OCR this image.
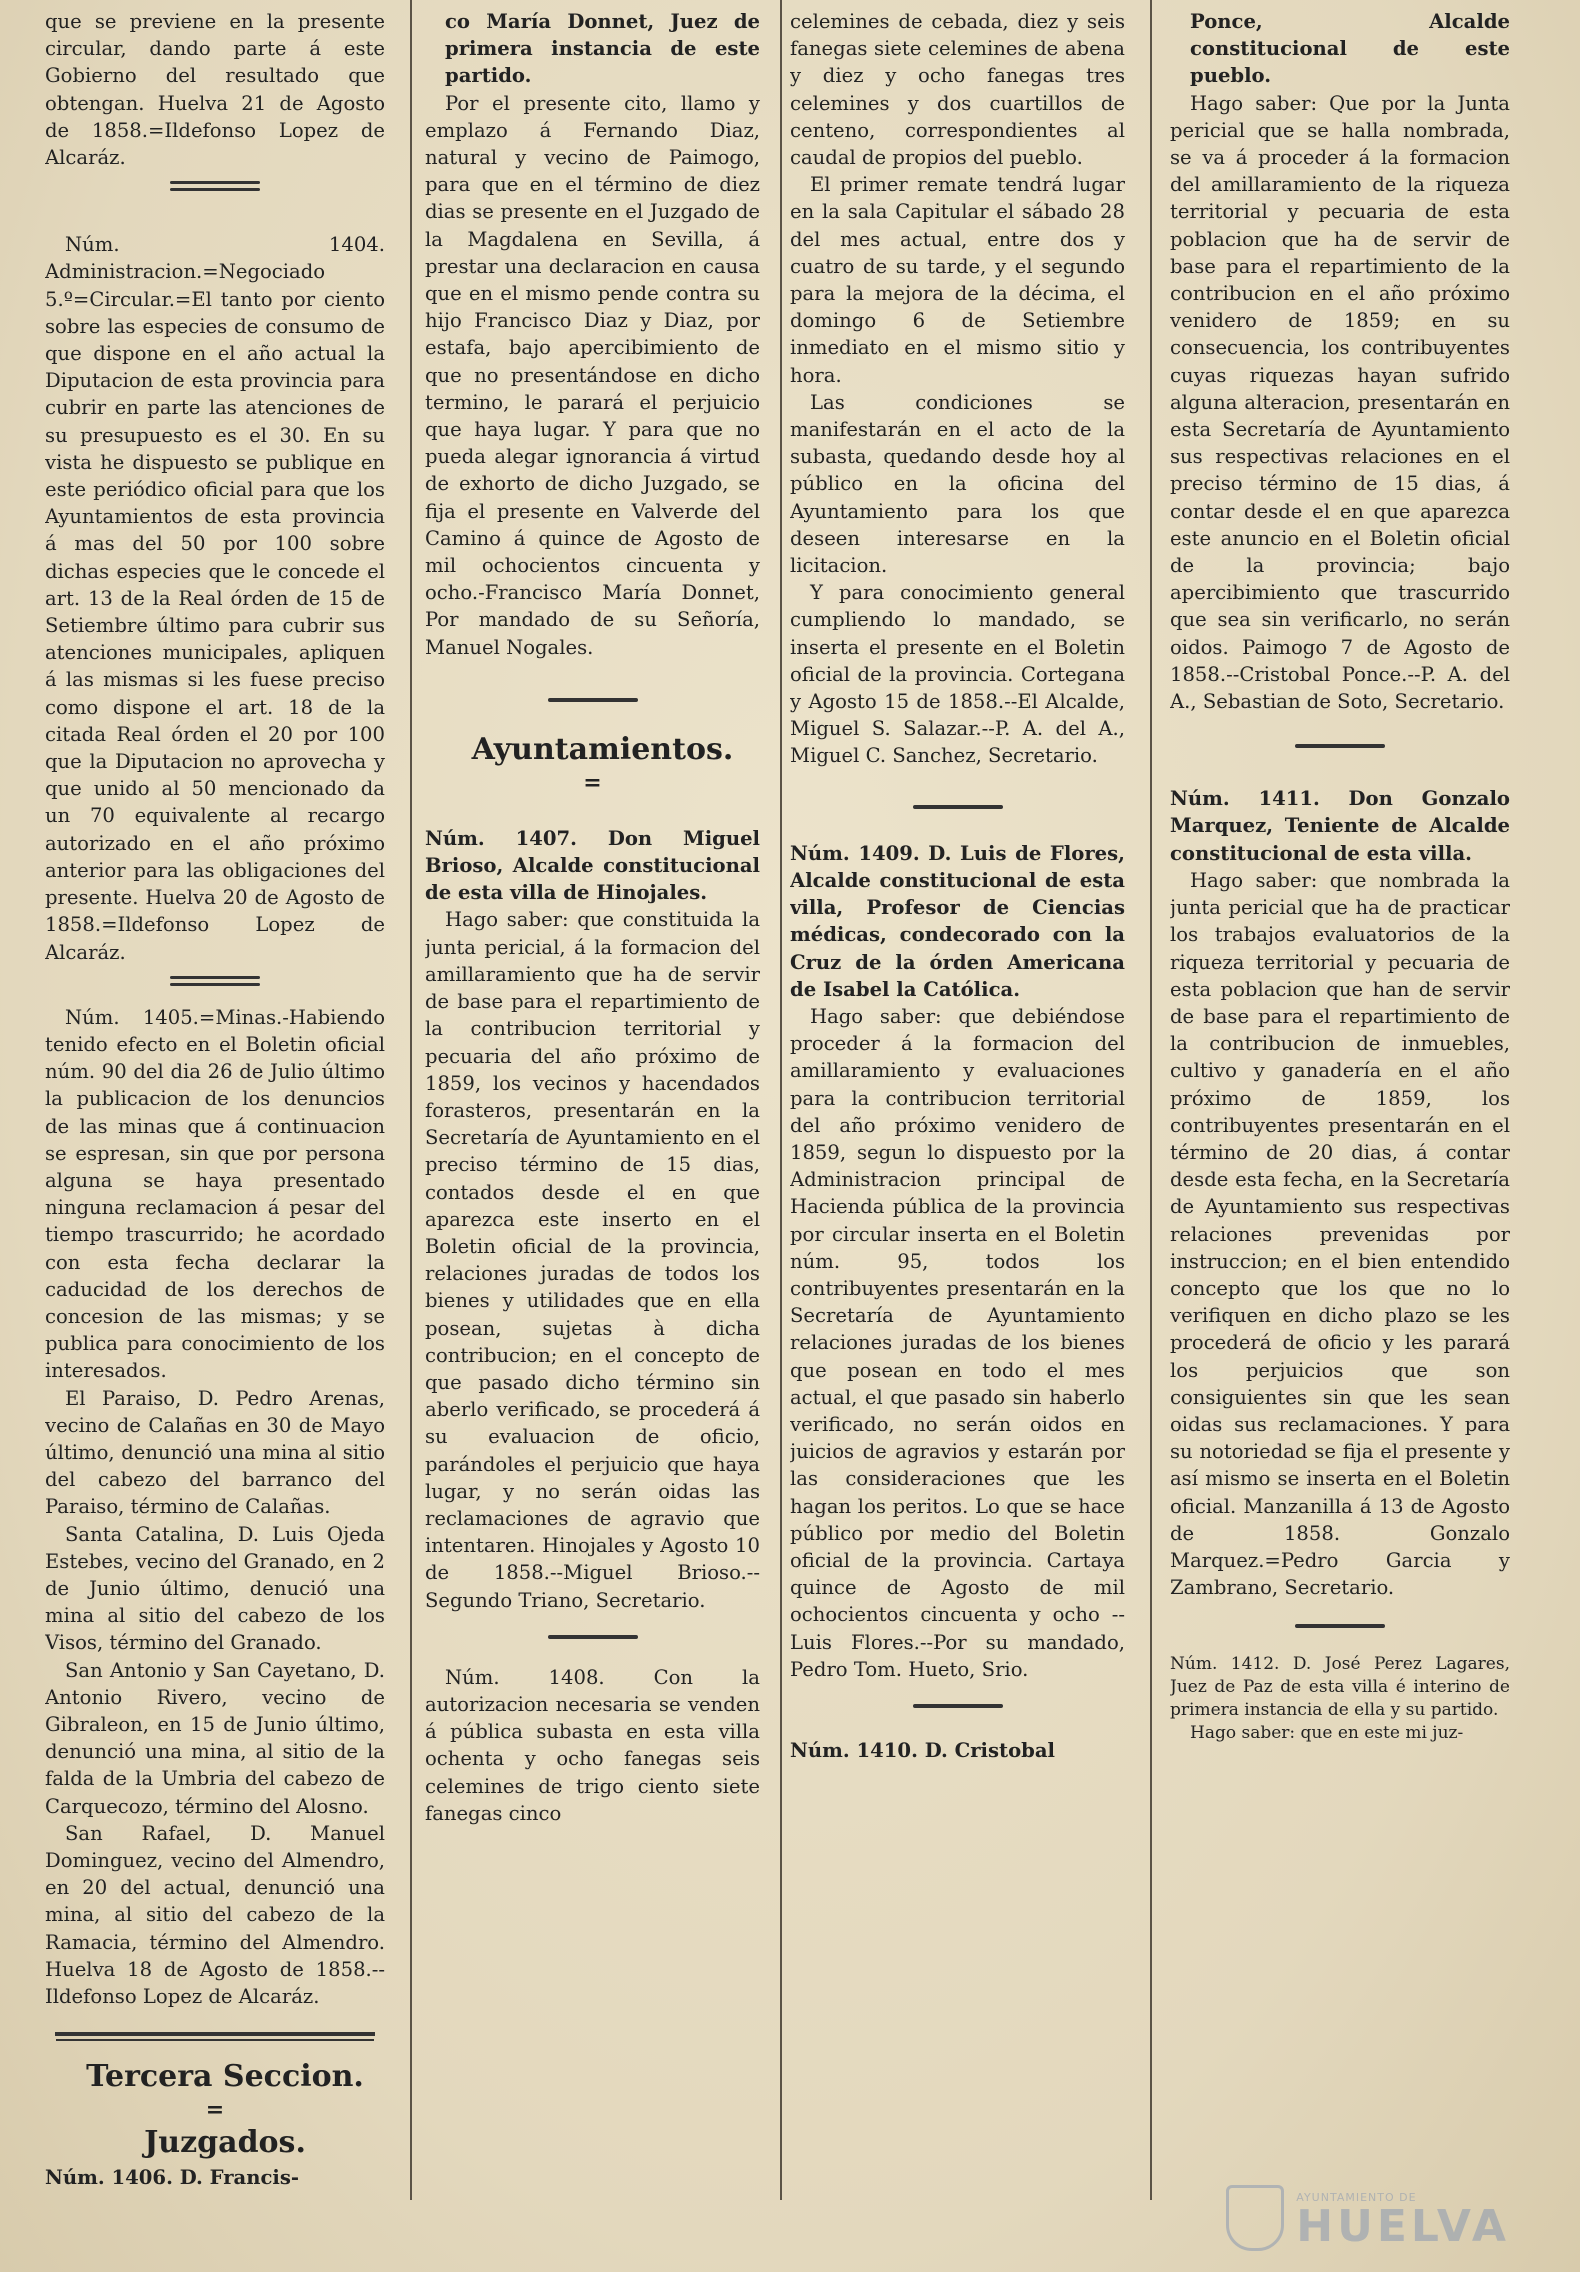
que se previene en la presente circular, dando parte á este Gobierno del resultado que obtengan. Huelva 21 de Agosto de 1858.=Ildefonso Lopez de Alcaráz.

Núm. 1404. Administracion.=Negociado 5.º=Circular.=El tanto por ciento sobre las especies de consumo de que dispone en el año actual la Diputacion de esta provincia para cubrir en parte las atenciones de su presupuesto es el 30. En su vista he dispuesto se publique en este periódico oficial para que los Ayuntamientos de esta provincia á mas del 50 por 100 sobre dichas especies que le concede el art. 13 de la Real órden de 15 de Setiembre último para cubrir sus atenciones municipales, apliquen á las mismas si les fuese preciso como dispone el art. 18 de la citada Real órden el 20 por 100 que la Diputacion no aprovecha y que unido al 50 mencionado da un 70 equivalente al recargo autorizado en el año próximo anterior para las obligaciones del presente. Huelva 20 de Agosto de 1858.=Ildefonso Lopez de Alcaráz.

Núm. 1405.=Minas.-Habiendo tenido efecto en el Boletin oficial núm. 90 del dia 26 de Julio último la publicacion de los denuncios de las minas que á continuacion se espresan, sin que por persona alguna se haya presentado ninguna reclamacion á pesar del tiempo trascurrido; he acordado con esta fecha declarar la caducidad de los derechos de concesion de las mismas; y se publica para conocimiento de los interesados.

El Paraiso, D. Pedro Arenas, vecino de Calañas en 30 de Mayo último, denunció una mina al sitio del cabezo del barranco del Paraiso, término de Calañas.

Santa Catalina, D. Luis Ojeda Estebes, vecino del Granado, en 2 de Junio último, denució una mina al sitio del cabezo de los Visos, término del Granado.

San Antonio y San Cayetano, D. Antonio Rivero, vecino de Gibraleon, en 15 de Junio último, denunció una mina, al sitio de la falda de la Umbria del cabezo de Carquecozo, término del Alosno.

San Rafael, D. Manuel Dominguez, vecino del Almendro, en 20 del actual, denunció una mina, al sitio del cabezo de la Ramacia, término del Almendro. Huelva 18 de Agosto de 1858.--Ildefonso Lopez de Alcaráz.

Tercera Seccion.

=

Juzgados.

Núm. 1406. D. Francis-

co María Donnet, Juez de primera instancia de este partido.

Por el presente cito, llamo y emplazo á Fernando Diaz, natural y vecino de Paimogo, para que en el término de diez dias se presente en el Juzgado de la Magdalena en Sevilla, á prestar una declaracion en causa que en el mismo pende contra su hijo Francisco Diaz y Diaz, por estafa, bajo apercibimiento de que no presentándose en dicho termino, le parará el perjuicio que haya lugar. Y para que no pueda alegar ignorancia á virtud de exhorto de dicho Juzgado, se fija el presente en Valverde del Camino á quince de Agosto de mil ochocientos cincuenta y ocho.-Francisco María Donnet, Por mandado de su Señoría, Manuel Nogales.

Ayuntamientos.

=

Núm. 1407. Don Miguel Brioso, Alcalde constitucional de esta villa de Hinojales.

Hago saber: que constituida la junta pericial, á la formacion del amillaramiento que ha de servir de base para el repartimiento de la contribucion territorial y pecuaria del año próximo de 1859, los vecinos y hacendados forasteros, presentarán en la Secretaría de Ayuntamiento en el preciso término de 15 dias, contados desde el en que aparezca este inserto en el Boletin oficial de la provincia, relaciones juradas de todos los bienes y utilidades que en ella posean, sujetas à dicha contribucion; en el concepto de que pasado dicho término sin aberlo verificado, se procederá á su evaluacion de oficio, parándoles el perjuicio que haya lugar, y no serán oidas las reclamaciones de agravio que intentaren. Hinojales y Agosto 10 de 1858.--Miguel Brioso.--Segundo Triano, Secretario.

Núm. 1408. Con la autorizacion necesaria se venden á pública subasta en esta villa ochenta y ocho fanegas seis celemines de trigo ciento siete fanegas cinco

celemines de cebada, diez y seis fanegas siete celemines de abena y diez y ocho fanegas tres celemines y dos cuartillos de centeno, correspondientes al caudal de propios del pueblo.

El primer remate tendrá lugar en la sala Capitular el sábado 28 del mes actual, entre dos y cuatro de su tarde, y el segundo para la mejora de la décima, el domingo 6 de Setiembre inmediato en el mismo sitio y hora.

Las condiciones se manifestarán en el acto de la subasta, quedando desde hoy al público en la oficina del Ayuntamiento para los que deseen interesarse en la licitacion.

Y para conocimiento general cumpliendo lo mandado, se inserta el presente en el Boletin oficial de la provincia. Cortegana y Agosto 15 de 1858.--El Alcalde, Miguel S. Salazar.--P. A. del A., Miguel C. Sanchez, Secretario.

Núm. 1409. D. Luis de Flores, Alcalde constitucional de esta villa, Profesor de Ciencias médicas, condecorado con la Cruz de la órden Americana de Isabel la Católica.

Hago saber: que debiéndose proceder á la formacion del amillaramiento y evaluaciones para la contribucion territorial del año próximo venidero de 1859, segun lo dispuesto por la Administracion principal de Hacienda pública de la provincia por circular inserta en el Boletin núm. 95, todos los contribuyentes presentarán en la Secretaría de Ayuntamiento relaciones juradas de los bienes que posean en todo el mes actual, el que pasado sin haberlo verificado, no serán oidos en juicios de agravios y estarán por las consideraciones que les hagan los peritos. Lo que se hace público por medio del Boletin oficial de la provincia. Cartaya quince de Agosto de mil ochocientos cincuenta y ocho --Luis Flores.--Por su mandado, Pedro Tom. Hueto, Srio.

Núm. 1410. D. Cristobal

Ponce, Alcalde constitucional de este pueblo.

Hago saber: Que por la Junta pericial que se halla nombrada, se va á proceder á la formacion del amillaramiento de la riqueza territorial y pecuaria de esta poblacion que ha de servir de base para el repartimiento de la contribucion en el año próximo venidero de 1859; en su consecuencia, los contribuyentes cuyas riquezas hayan sufrido alguna alteracion, presentarán en esta Secretaría de Ayuntamiento sus respectivas relaciones en el preciso término de 15 dias, á contar desde el en que aparezca este anuncio en el Boletin oficial de la provincia; bajo apercibimiento que trascurrido que sea sin verificarlo, no serán oidos. Paimogo 7 de Agosto de 1858.--Cristobal Ponce.--P. A. del A., Sebastian de Soto, Secretario.

Núm. 1411. Don Gonzalo Marquez, Teniente de Alcalde constitucional de esta villa.

Hago saber: que nombrada la junta pericial que ha de practicar los trabajos evaluatorios de la riqueza territorial y pecuaria de esta poblacion que han de servir de base para el repartimiento de la contribucion de inmuebles, cultivo y ganadería en el año próximo de 1859, los contribuyentes presentarán en el término de 20 dias, á contar desde esta fecha, en la Secretaría de Ayuntamiento sus respectivas relaciones prevenidas por instruccion; en el bien entendido concepto que los que no lo verifiquen en dicho plazo se les procederá de oficio y les parará los perjuicios que son consiguientes sin que les sean oidas sus reclamaciones. Y para su notoriedad se fija el presente y así mismo se inserta en el Boletin oficial. Manzanilla á 13 de Agosto de 1858. Gonzalo Marquez.=Pedro Garcia y Zambrano, Secretario.

Núm. 1412. D. José Perez Lagares, Juez de Paz de esta villa é interino de primera instancia de ella y su partido.

Hago saber: que en este mi juz-

AYUNTAMIENTO DE
HUELVA
